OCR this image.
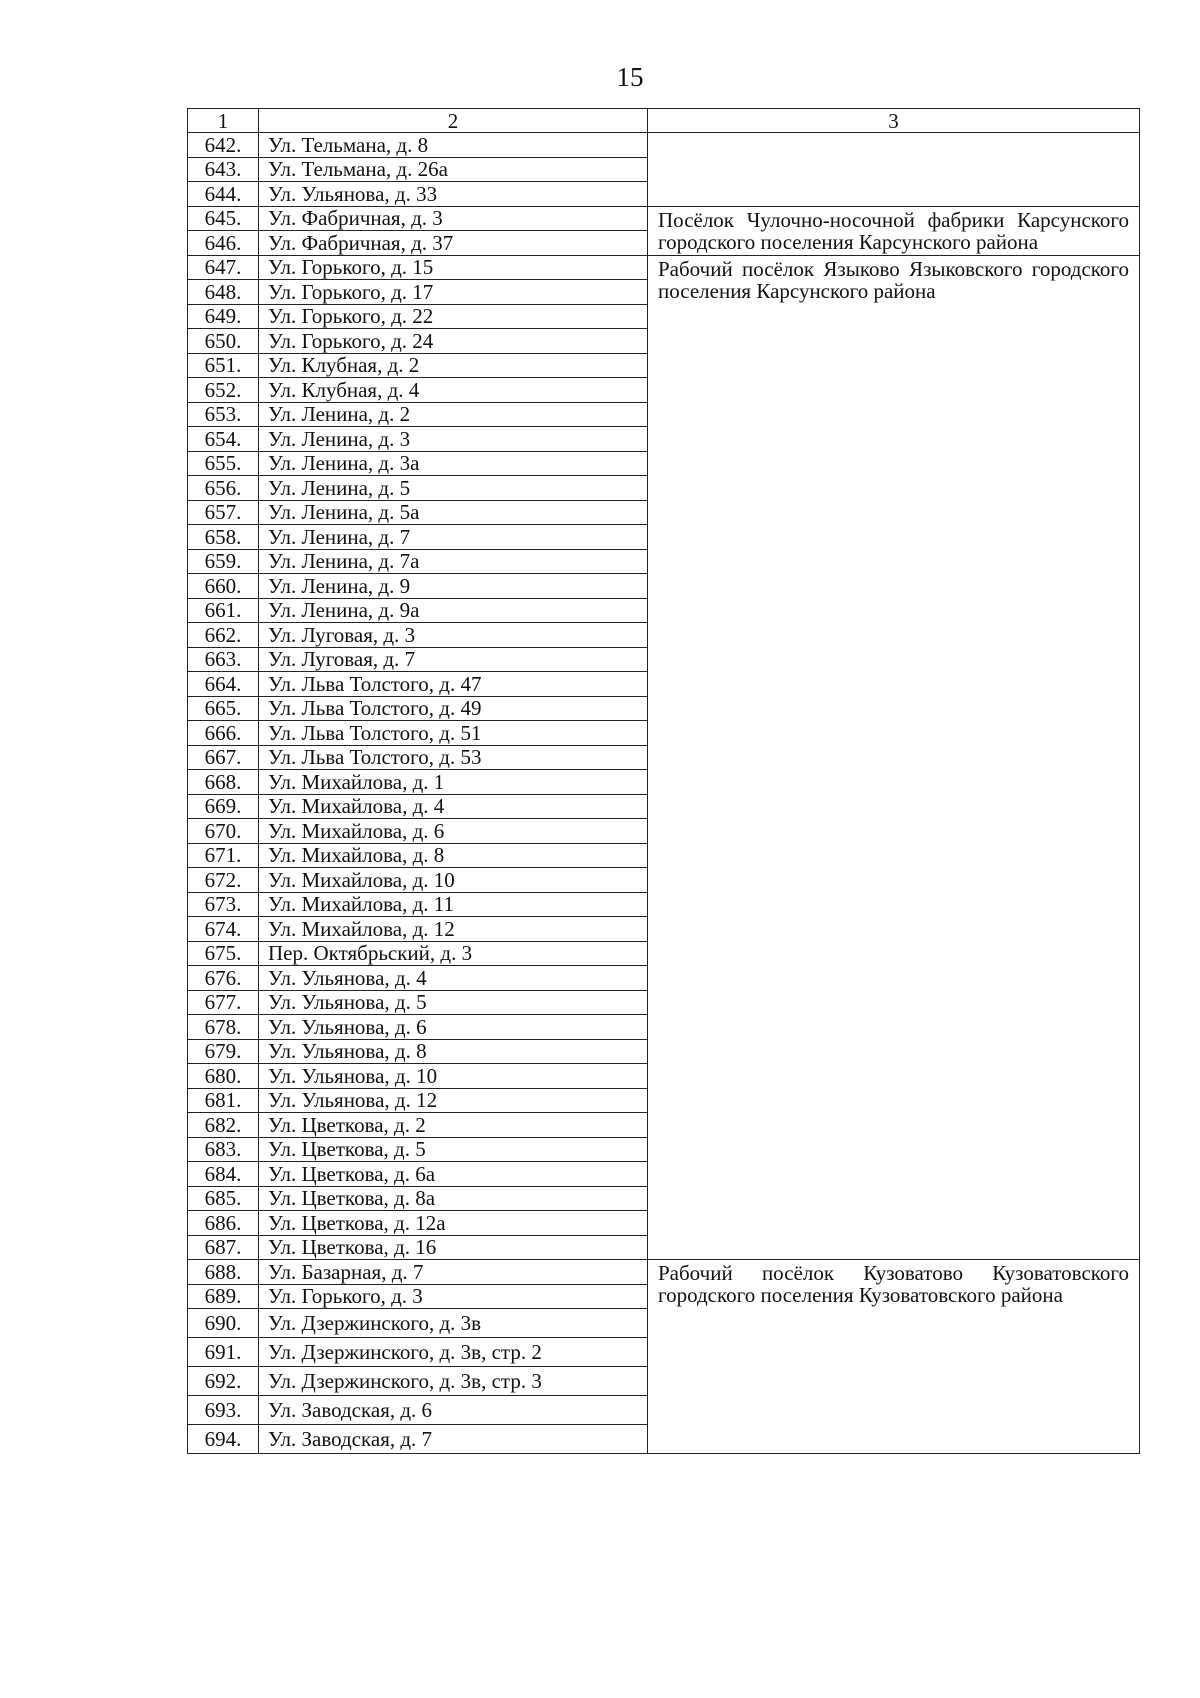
15
1	2	3
642.	Ул. Тельмана, д. 8	
643.	Ул. Тельмана, д. 26а	
644.	Ул. Ульянова, д. 33	
645.	Ул. Фабричная, д. 3	Посёлок Чулочно-носочной фабрики Карсунского городского поселения Карсунского района
646.	Ул. Фабричная, д. 37	
647.	Ул. Горького, д. 15	Рабочий посёлок Языково Языковского городского поселения Карсунского района
648.	Ул. Горького, д. 17	
649.	Ул. Горького, д. 22	
650.	Ул. Горького, д. 24	
651.	Ул. Клубная, д. 2	
652.	Ул. Клубная, д. 4	
653.	Ул. Ленина, д. 2	
654.	Ул. Ленина, д. 3	
655.	Ул. Ленина, д. 3а	
656.	Ул. Ленина, д. 5	
657.	Ул. Ленина, д. 5а	
658.	Ул. Ленина, д. 7	
659.	Ул. Ленина, д. 7а	
660.	Ул. Ленина, д. 9	
661.	Ул. Ленина, д. 9а	
662.	Ул. Луговая, д. 3	
663.	Ул. Луговая, д. 7	
664.	Ул. Льва Толстого, д. 47	
665.	Ул. Льва Толстого, д. 49	
666.	Ул. Льва Толстого, д. 51	
667.	Ул. Льва Толстого, д. 53	
668.	Ул. Михайлова, д. 1	
669.	Ул. Михайлова, д. 4	
670.	Ул. Михайлова, д. 6	
671.	Ул. Михайлова, д. 8	
672.	Ул. Михайлова, д. 10	
673.	Ул. Михайлова, д. 11	
674.	Ул. Михайлова, д. 12	
675.	Пер. Октябрьский, д. 3	
676.	Ул. Ульянова, д. 4	
677.	Ул. Ульянова, д. 5	
678.	Ул. Ульянова, д. 6	
679.	Ул. Ульянова, д. 8	
680.	Ул. Ульянова, д. 10	
681.	Ул. Ульянова, д. 12	
682.	Ул. Цветкова, д. 2	
683.	Ул. Цветкова, д. 5	
684.	Ул. Цветкова, д. 6а	
685.	Ул. Цветкова, д. 8а	
686.	Ул. Цветкова, д. 12а	
687.	Ул. Цветкова, д. 16	
688.	Ул. Базарная, д. 7	Рабочий посёлок Кузоватово Кузоватовского городского поселения Кузоватовского района
689.	Ул. Горького, д. 3	
690.	Ул. Дзержинского, д. 3в	
691.	Ул. Дзержинского, д. 3в, стр. 2	
692.	Ул. Дзержинского, д. 3в, стр. 3	
693.	Ул. Заводская, д. 6	
694.	Ул. Заводская, д. 7	
